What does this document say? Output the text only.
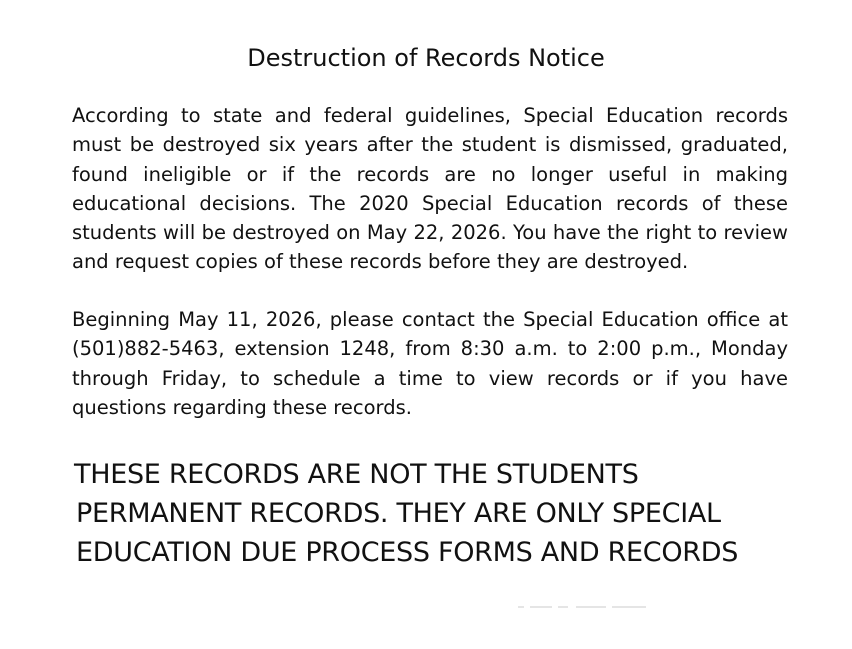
Destruction of Records Notice
According to state and federal guidelines, Special Education records must be destroyed six years after the student is dismissed, graduated, found ineligible or if the records are no longer useful in making educational decisions. The 2020 Special Education records of these students will be destroyed on May 22, 2026. You have the right to review and request copies of these records before they are destroyed.
Beginning May 11, 2026, please contact the Special Education office at (501)882-5463, extension 1248, from 8:30 a.m. to 2:00 p.m., Monday through Friday, to schedule a time to view records or if you have questions regarding these records.
THESE RECORDS ARE NOT THE STUDENTS
PERMANENT RECORDS. THEY ARE ONLY SPECIAL
EDUCATION DUE PROCESS FORMS AND RECORDS
